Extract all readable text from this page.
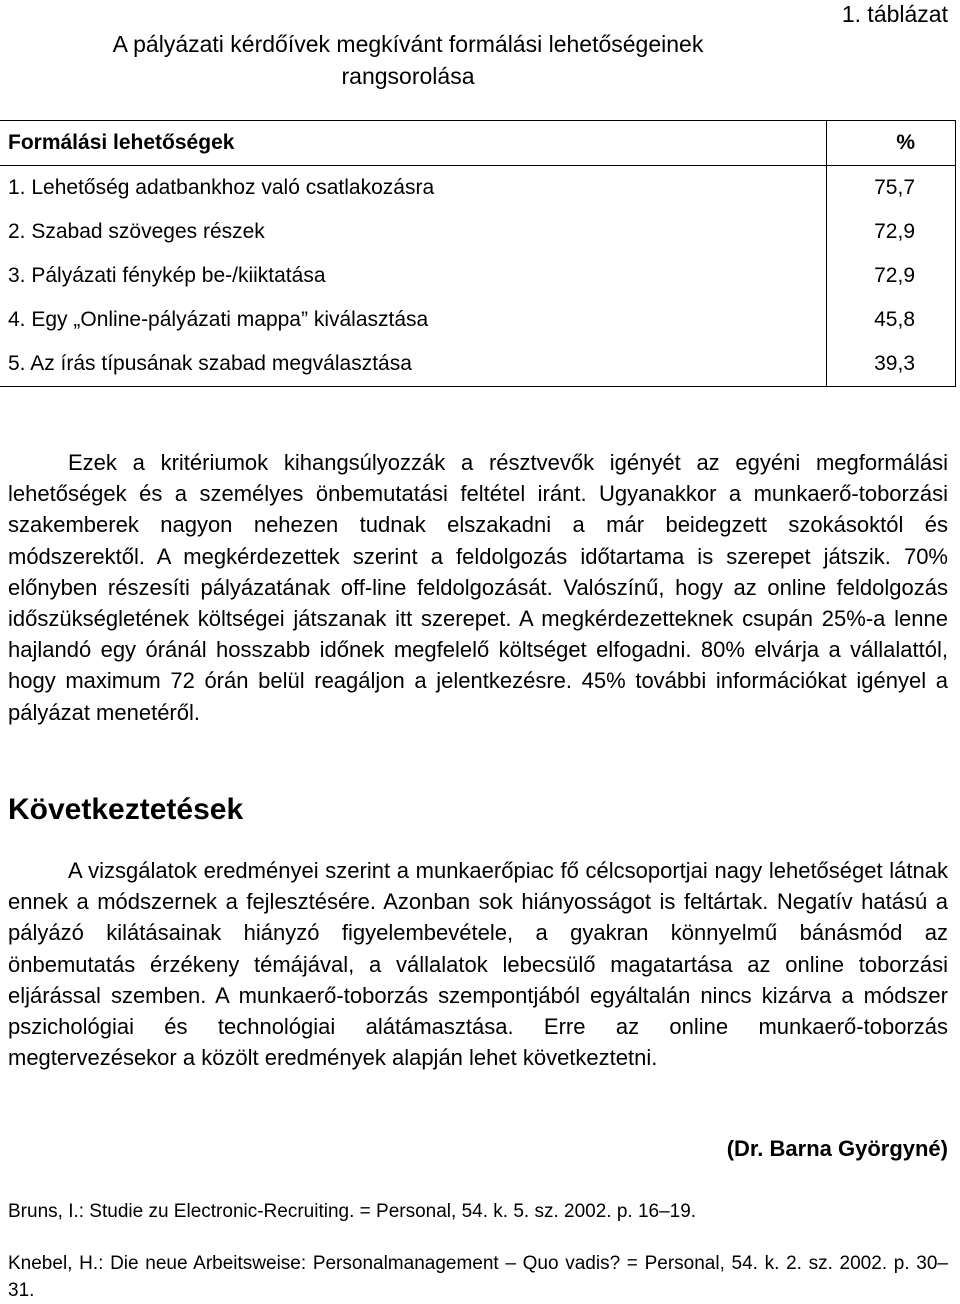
1. táblázat
A pályázati kérdőívek megkívánt formálási lehetőségeinek
rangsorolása
Formálási lehetőségek	%
1. Lehetőség adatbankhoz való csatlakozásra	75,7
2. Szabad szöveges részek	72,9
3. Pályázati fénykép be-/kiiktatása	72,9
4. Egy „Online-pályázati mappa” kiválasztása	45,8
5. Az írás típusának szabad megválasztása	39,3

Ezek a kritériumok kihangsúlyozzák a résztvevők igényét az egyéni megformálási lehetőségek és a személyes önbemutatási feltétel iránt. Ugyanakkor a munkaerő-toborzási szakemberek nagyon nehezen tudnak elszakadni a már beidegzett szokásoktól és módszerektől. A megkérdezettek szerint a feldolgozás időtartama is szerepet játszik. 70% előnyben részesíti pályázatának off-line feldolgozását. Valószínű, hogy az online feldolgozás időszükségletének költségei játszanak itt szerepet. A megkérdezetteknek csupán 25%-a lenne hajlandó egy óránál hosszabb időnek megfelelő költséget elfogadni. 80% elvárja a vállalattól, hogy maximum 72 órán belül reagáljon a jelentkezésre. 45% további információkat igényel a pályázat menetéről.

Következtetések

A vizsgálatok eredményei szerint a munkaerőpiac fő célcsoportjai nagy lehetőséget látnak ennek a módszernek a fejlesztésére. Azonban sok hiányosságot is feltártak. Negatív hatású a pályázó kilátásainak hiányzó figyelembevétele, a gyakran könnyelmű bánásmód az önbemutatás érzékeny témájával, a vállalatok lebecsülő magatartása az online toborzási eljárással szemben. A munkaerő-toborzás szempontjából egyáltalán nincs kizárva a módszer pszichológiai és technológiai alátámasztása. Erre az online munkaerő-toborzás megtervezésekor a közölt eredmények alapján lehet következtetni.

(Dr. Barna Györgyné)

Bruns, I.: Studie zu Electronic-Recruiting. = Personal, 54. k. 5. sz. 2002. p. 16–19.

Knebel, H.: Die neue Arbeitsweise: Personalmanagement – Quo vadis? = Personal, 54. k. 2. sz. 2002. p. 30–31.
